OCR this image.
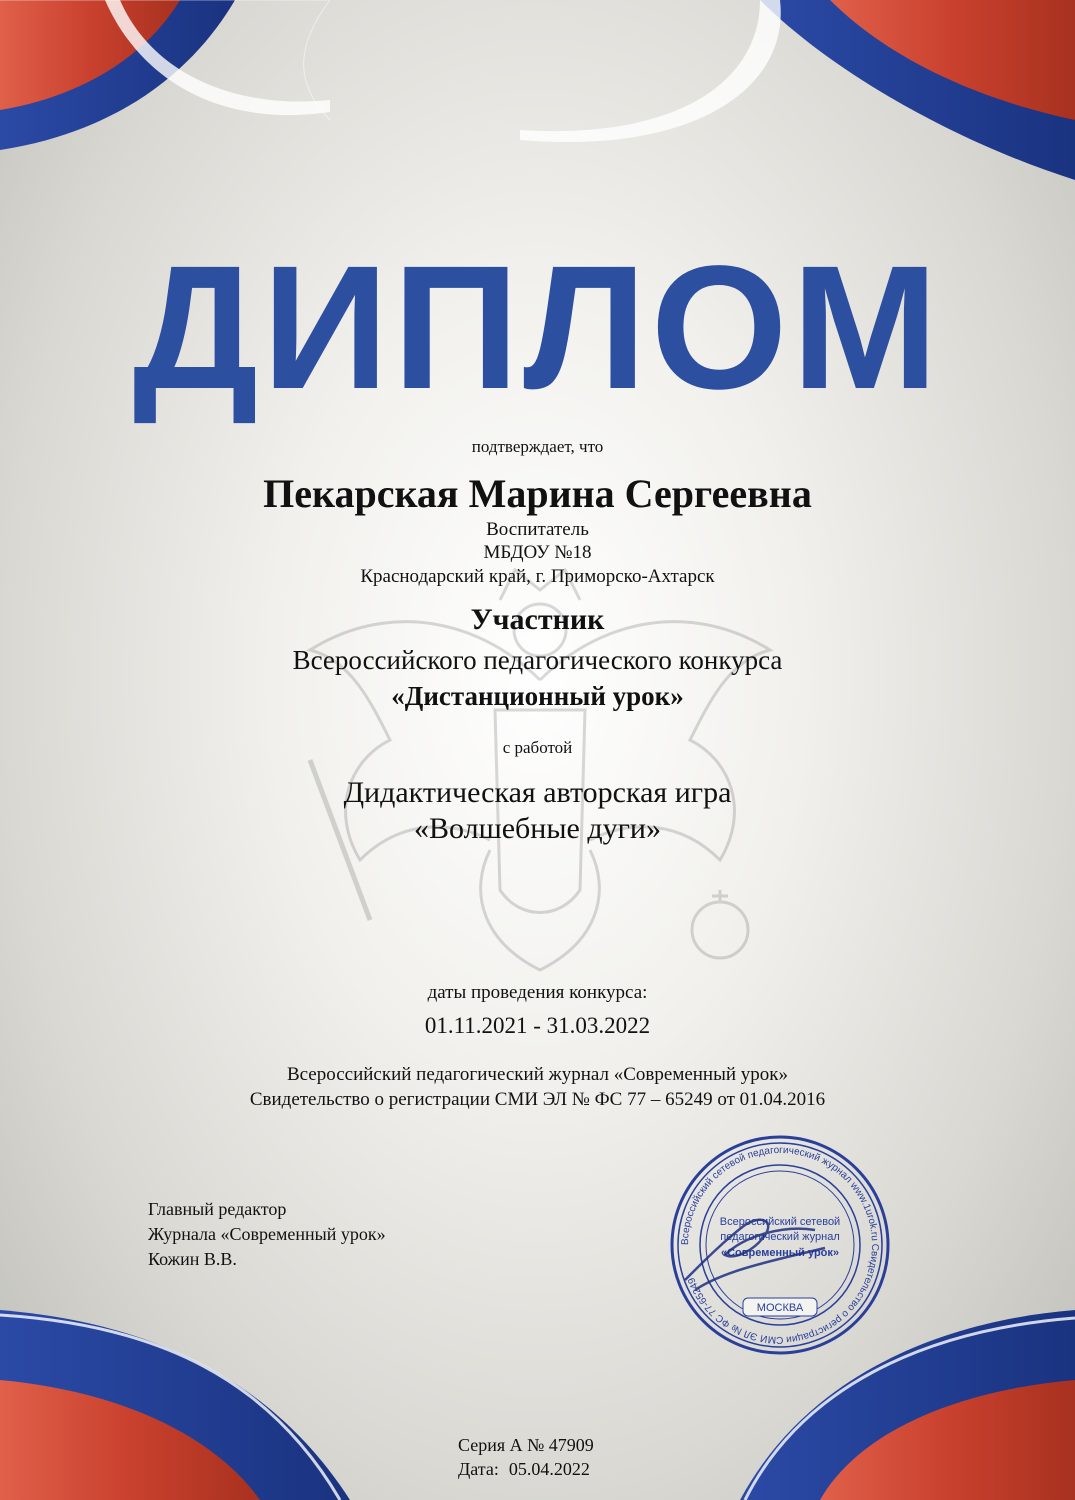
ДИПЛОМ
подтверждает, что
Пекарская Марина Сергеевна
Воспитатель
МБДОУ №18
Краснодарский край, г. Приморско-Ахтарск
Участник
Всероссийского педагогического конкурса
«Дистанционный урок»
с работой
Дидактическая авторская игра
«Волшебные дуги»
даты проведения конкурса:
01.11.2021 - 31.03.2022
Всероссийский педагогический журнал «Современный урок»
Свидетельство о регистрации СМИ ЭЛ № ФС 77 – 65249 от 01.04.2016
Главный редактор
Журнала «Современный урок»
Кожин В.В.
Всероссийский сетевой педагогический журнал www.1urok.ru Свидетельство о регистрации СМИ ЭЛ № ФС 77-65249
Всероссийский сетевой
педагогический журнал
«Современный урок»
МОСКВА
Серия А № 47909
Дата: 05.04.2022
